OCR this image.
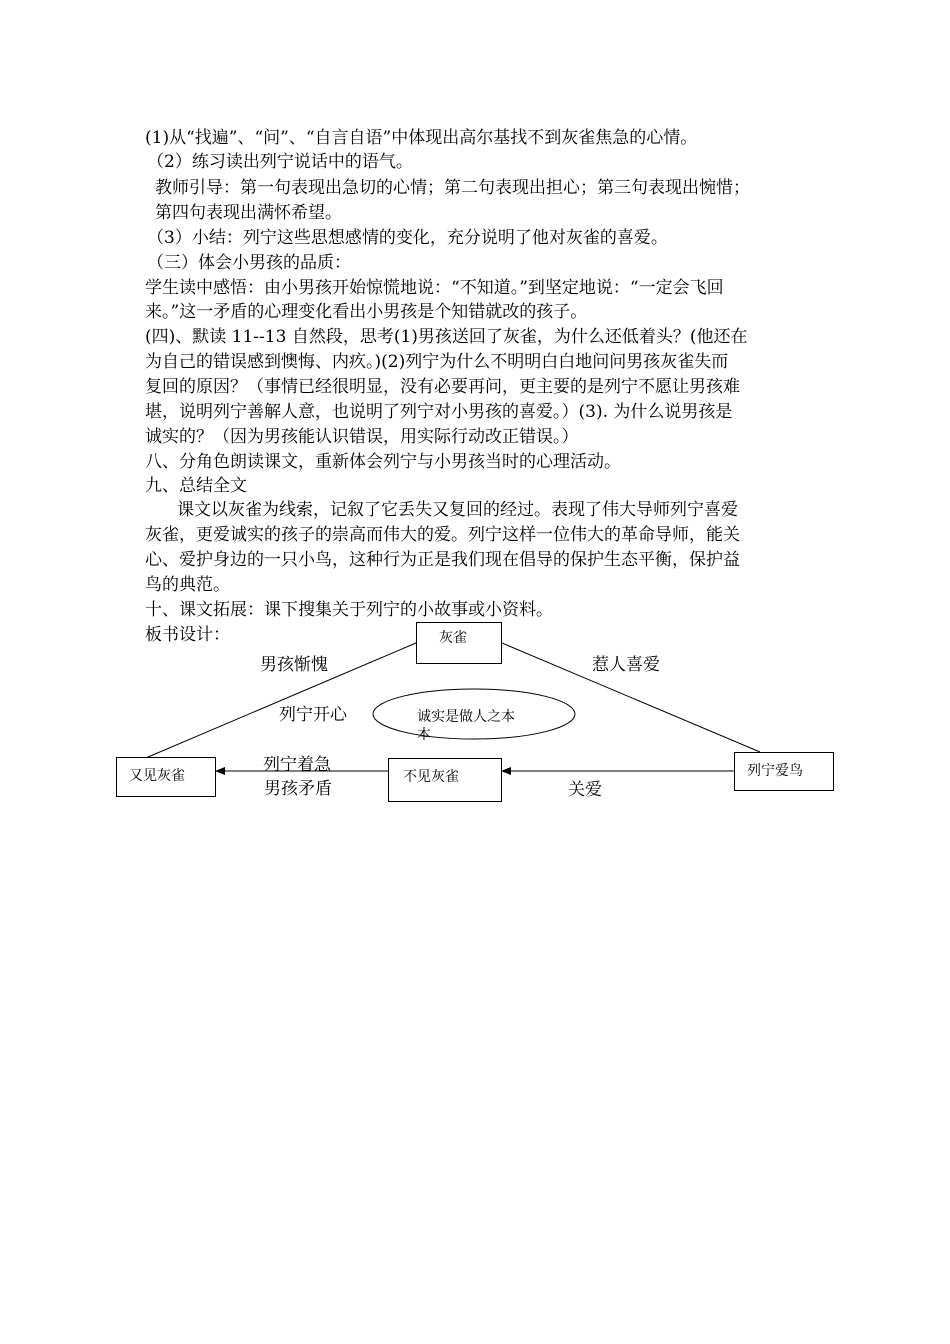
(1)从“找遍”、“问”、“自言自语”中体现出高尔基找不到灰雀焦急的心情。
（2）练习读出列宁说话中的语气。
教师引导：第一句表现出急切的心情；第二句表现出担心；第三句表现出惋惜；
第四句表现出满怀希望。
（3）小结：列宁这些思想感情的变化，充分说明了他对灰雀的喜爱。
（三）体会小男孩的品质：
学生读中感悟：由小男孩开始惊慌地说：“不知道。”到坚定地说：“一定会飞回
来。”这一矛盾的心理变化看出小男孩是个知错就改的孩子。
(四)、默读 11--13 自然段，思考(1)男孩送回了灰雀，为什么还低着头？(他还在
为自己的错误感到懊悔、内疚。)(2)列宁为什么不明明白白地问问男孩灰雀失而
复回的原因？（事情已经很明显，没有必要再问，更主要的是列宁不愿让男孩难
堪，说明列宁善解人意，也说明了列宁对小男孩的喜爱。）(3). 为什么说男孩是
诚实的？（因为男孩能认识错误，用实际行动改正错误。）
八、分角色朗读课文，重新体会列宁与小男孩当时的心理活动。
九、总结全文
课文以灰雀为线索，记叙了它丢失又复回的经过。表现了伟大导师列宁喜爱
灰雀，更爱诚实的孩子的崇高而伟大的爱。列宁这样一位伟大的革命导师，能关
心、爱护身边的一只小鸟，这种行为正是我们现在倡导的保护生态平衡，保护益
鸟的典范。
十、课文拓展：课下搜集关于列宁的小故事或小资料。
板书设计：	灰雀
又见灰雀	不见灰雀	列宁爱鸟
诚实是做人之本
本
男孩惭愧	惹人喜爱
列宁开心
列宁着急
男孩矛盾	关爱
